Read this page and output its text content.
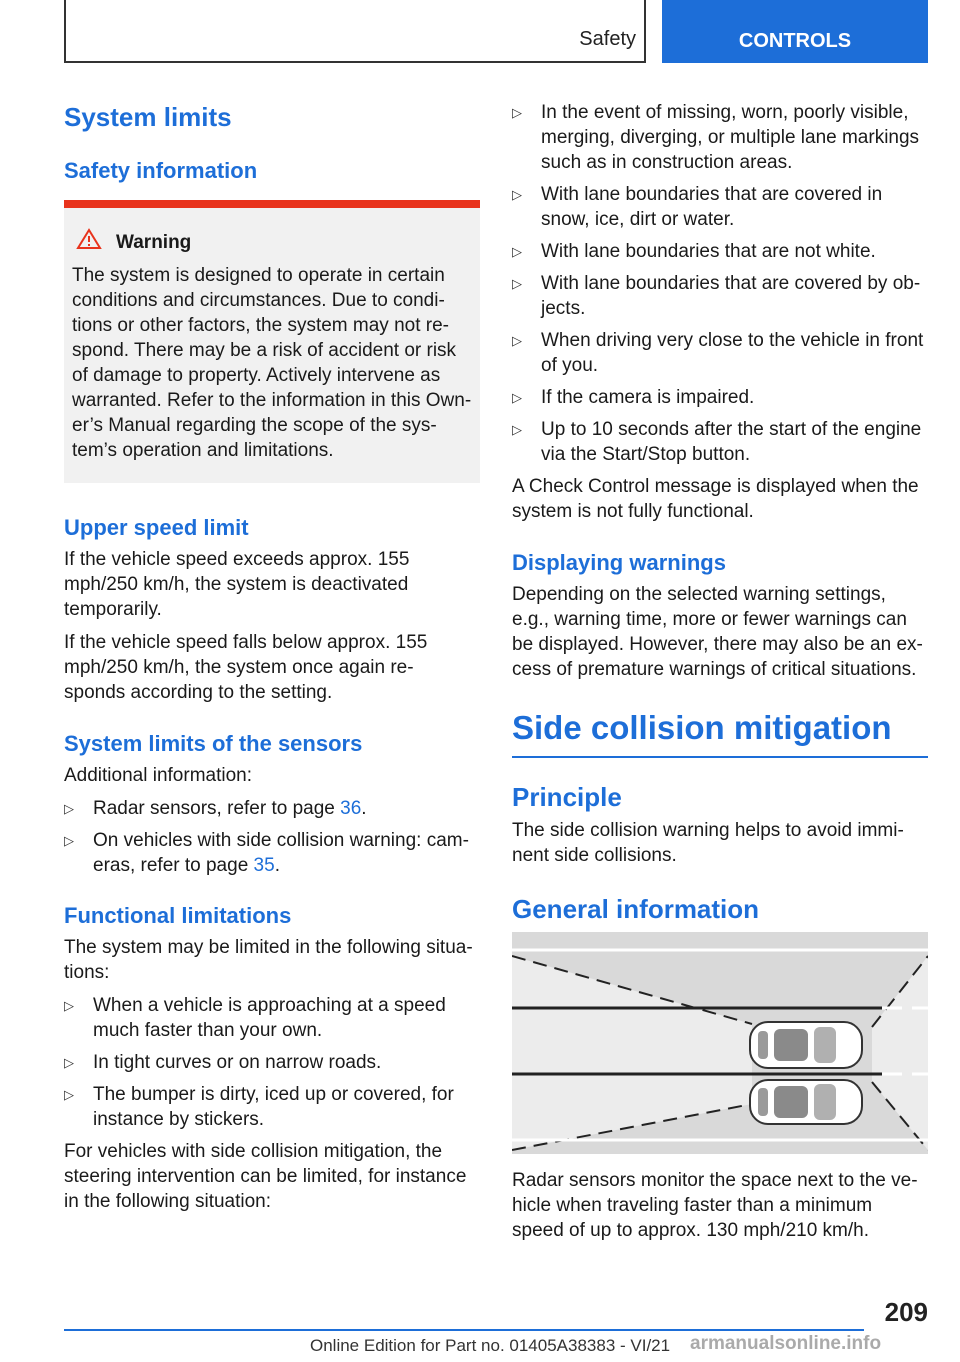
Safety	CONTROLS
System limits
Safety information
Warning

The system is designed to operate in certain conditions and circumstances. Due to condi- tions or other factors, the system may not re- spond. There may be a risk of accident or risk of damage to property. Actively intervene as warranted. Refer to the information in this Own- er’s Manual regarding the scope of the sys- tem’s operation and limitations.

Upper speed limit

If the vehicle speed exceeds approx. 155 mph/250 km/h, the system is deactivated temporarily.

If the vehicle speed falls below approx. 155 mph/250 km/h, the system once again re- sponds according to the setting.

System limits of the sensors

Additional information:

▷ Radar sensors, refer to page 36.
▷ On vehicles with side collision warning: cam- eras, refer to page 35.
Functional limitations

The system may be limited in the following situa- tions:

▷ When a vehicle is approaching at a speed much faster than your own.
▷ In tight curves or on narrow roads.
▷ The bumper is dirty, iced up or covered, for instance by stickers.

For vehicles with side collision mitigation, the steering intervention can be limited, for instance in the following situation:

▷ In the event of missing, worn, poorly visible, merging, diverging, or multiple lane markings such as in construction areas.
▷ With lane boundaries that are covered in snow, ice, dirt or water.
▷ With lane boundaries that are not white.
▷ With lane boundaries that are covered by ob- jects.
▷ When driving very close to the vehicle in front of you.
▷ If the camera is impaired.
▷ Up to 10 seconds after the start of the engine via the Start/Stop button.

A Check Control message is displayed when the system is not fully functional.

Displaying warnings

Depending on the selected warning settings, e.g., warning time, more or fewer warnings can be displayed. However, there may also be an ex- cess of premature warnings of critical situations.

Side collision mitigation
Principle

The side collision warning helps to avoid immi- nent side collisions.

General information

Radar sensors monitor the space next to the ve- hicle when traveling faster than a minimum speed of up to approx. 130 mph/210 km/h.

209
Online Edition for Part no. 01405A38383 - VI/21 armanualsonline.info
